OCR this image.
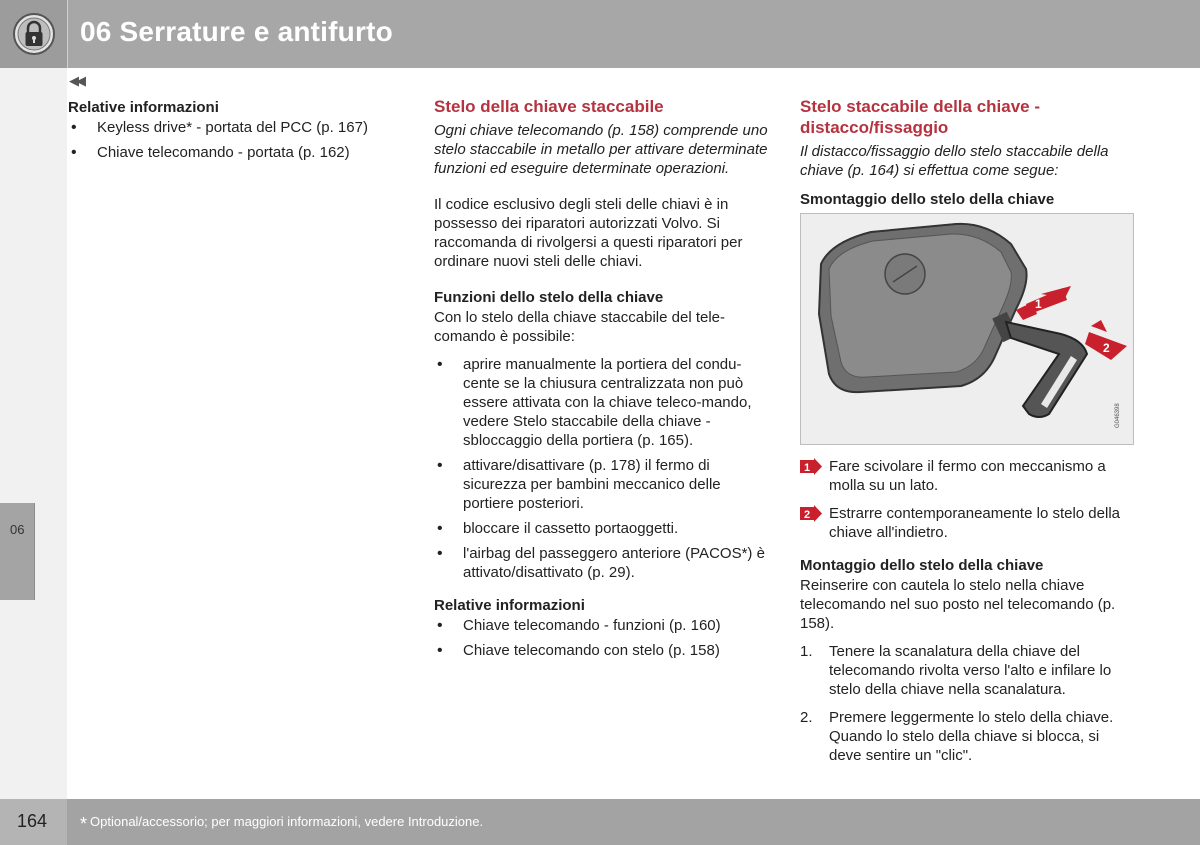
06 Serrature e antifurto
06
◀◀
Relative informazioni
• Keyless drive* - portata del PCC (p. 167)
• Chiave telecomando - portata (p. 162)
Stelo della chiave staccabile

Ogni chiave telecomando (p. 158) comprende uno stelo staccabile in metallo per attivare determinate funzioni ed eseguire determinate operazioni.

Il codice esclusivo degli steli delle chiavi è in possesso dei riparatori autorizzati Volvo. Si raccomanda di rivolgersi a questi riparatori per ordinare nuovi steli delle chiavi.

Funzioni dello stelo della chiave

Con lo stelo della chiave staccabile del tele-comando è possibile:

• aprire manualmente la portiera del condu-cente se la chiusura centralizzata non può essere attivata con la chiave teleco-mando, vedere Stelo staccabile della chiave - sbloccaggio della portiera (p. 165).
• attivare/disattivare (p. 178) il fermo di sicurezza per bambini meccanico delle portiere posteriori.
• bloccare il cassetto portaoggetti.
• l'airbag del passeggero anteriore (PACOS*) è attivato/disattivato (p. 29).
Relative informazioni
• Chiave telecomando - funzioni (p. 160)
• Chiave telecomando con stelo (p. 158)
Stelo staccabile della chiave - distacco/fissaggio

Il distacco/fissaggio dello stelo staccabile della chiave (p. 164) si effettua come segue:

Smontaggio dello stelo della chiave
1
2
G046398
1 Fare scivolare il fermo con meccanismo a molla su un lato.
2 Estrarre contemporaneamente lo stelo della chiave all'indietro.
Montaggio dello stelo della chiave

Reinserire con cautela lo stelo nella chiave telecomando nel suo posto nel telecomando (p. 158).

1. Tenere la scanalatura della chiave del telecomando rivolta verso l'alto e infilare lo stelo della chiave nella scanalatura.
2. Premere leggermente lo stelo della chiave. Quando lo stelo della chiave si blocca, si deve sentire un "clic".
164 * Optional/accessorio; per maggiori informazioni, vedere Introduzione.
